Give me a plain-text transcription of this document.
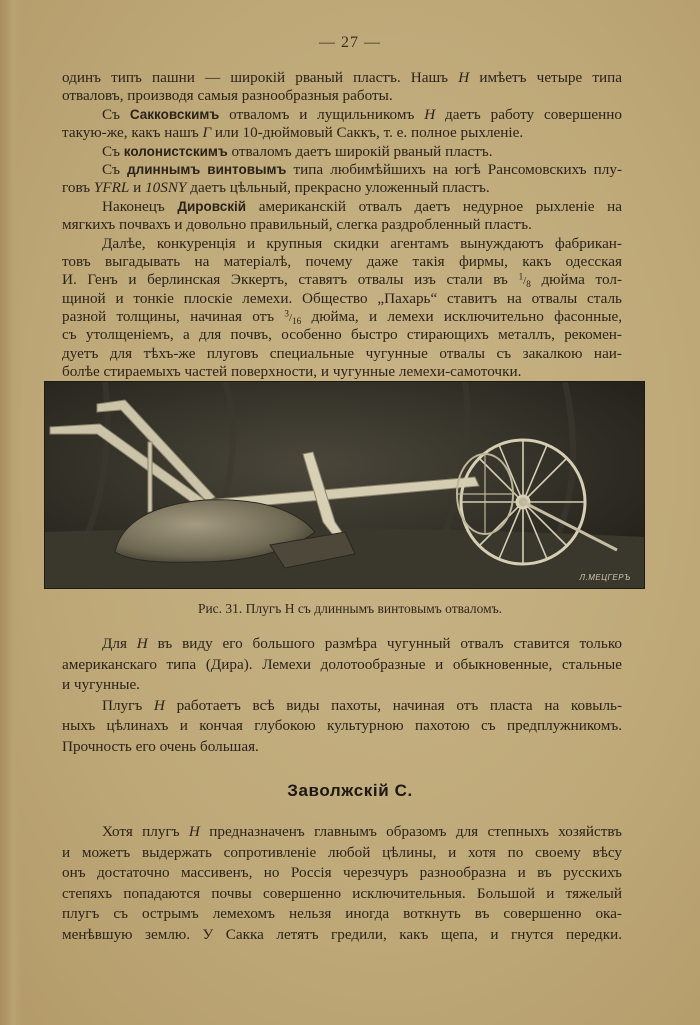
— 27 —
одинъ типъ пашни — широкій рваный пластъ. Нашъ Н имѣетъ четыре типа
отваловъ, производя самыя разнообразныя работы.
Съ Сакковскимъ отваломъ и лущильникомъ Н даетъ работу совершенно
такую-же, какъ нашъ Г или 10-дюймовый Саккъ, т. е. полное рыхленіе.
Съ колонистскимъ отваломъ даетъ широкій рваный пластъ.
Съ длиннымъ винтовымъ типа любимѣйшихъ на югѣ Рансомовскихъ плу-
говъ YFRL и 10SNY даетъ цѣльный, прекрасно уложенный пластъ.
Наконецъ Дировскій американскій отвалъ даетъ недурное рыхленіе на
мягкихъ почвахъ и довольно правильный, слегка раздробленный пластъ.
Далѣе, конкуренція и крупныя скидки агентамъ вынуждаютъ фабрикан-
товъ выгадывать на матеріалѣ, почему даже такія фирмы, какъ одесская
И. Генъ и берлинская Эккертъ, ставятъ отвалы изъ стали въ $^1/_8$ дюйма тол-
щиной и тонкіе плоскіе лемехи. Общество „Пахарь“ ставитъ на отвалы сталь
разной толщины, начиная отъ $^3/_{16}$ дюйма, и лемехи исключительно фасонные,
съ утолщеніемъ, а для почвъ, особенно быстро стирающихъ металлъ, рекомен-
дуетъ для тѣхъ-же плуговъ специальные чугунные отвалы съ закалкою наи-
болѣе стираемыхъ частей поверхности, и чугунные лемехи-самоточки.
Л.МЕЦГЕРЪ
Рис. 31. Плугъ Н съ длиннымъ винтовымъ отваломъ.
Для Н въ виду его большого размѣра чугунный отвалъ ставится только
американскаго типа (Дира). Лемехи долотообразные и обыкновенные, стальные
и чугунные.
Плугъ Н работаетъ всѣ виды пахоты, начиная отъ пласта на ковыль-
ныхъ цѣлинахъ и кончая глубокою культурною пахотою съ предплужникомъ.
Прочность его очень большая.
Заволжскій С.
Хотя плугъ Н предназначенъ главнымъ образомъ для степныхъ хозяйствъ
и можетъ выдержать сопротивленіе любой цѣлины, и хотя по своему вѣсу
онъ достаточно массивенъ, но Россія черезчуръ разнообразна и въ русскихъ
степяхъ попадаются почвы совершенно исключительныя. Большой и тяжелый
плугъ съ острымъ лемехомъ нельзя иногда воткнуть въ совершенно ока-
менѣвшую землю. У Сакка летятъ гредили, какъ щепа, и гнутся передки.
